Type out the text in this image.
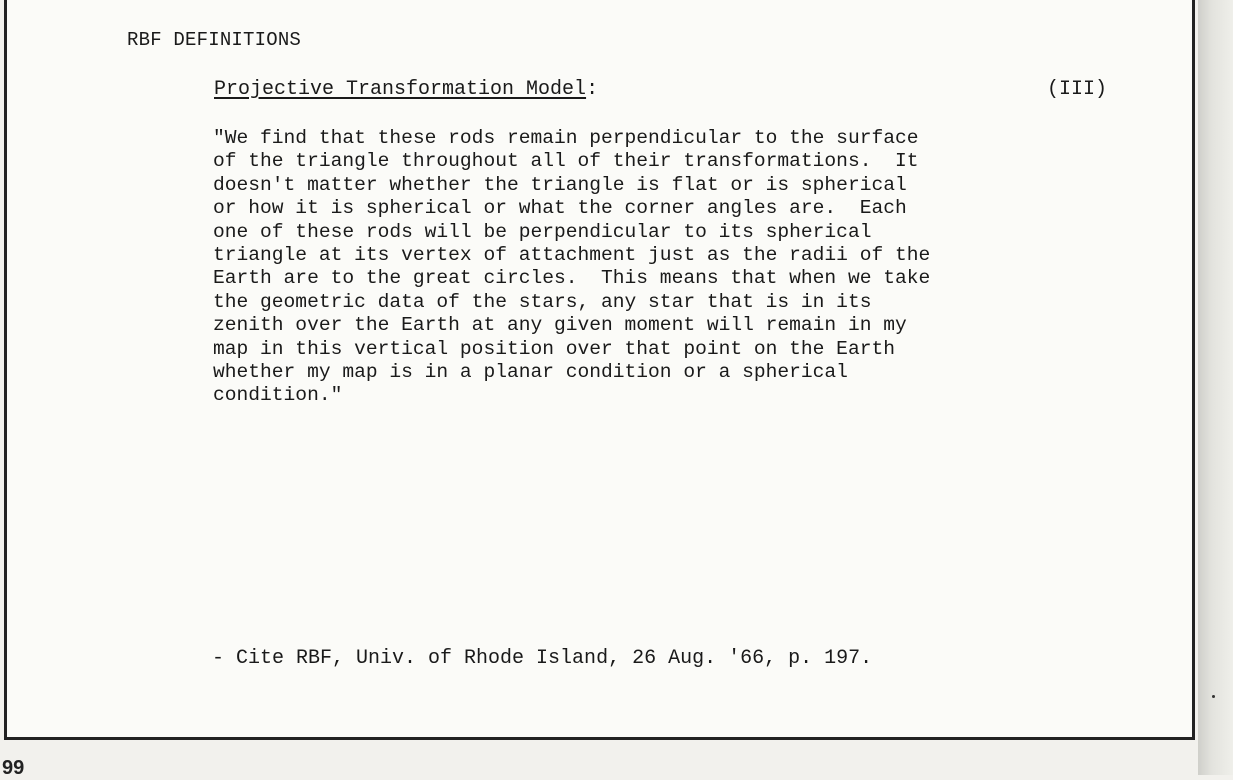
RBF DEFINITIONS
Projective Transformation Model:	(III)
"We find that these rods remain perpendicular to the surface
of the triangle throughout all of their transformations.  It
doesn't matter whether the triangle is flat or is spherical
or how it is spherical or what the corner angles are.  Each
one of these rods will be perpendicular to its spherical
triangle at its vertex of attachment just as the radii of the
Earth are to the great circles.  This means that when we take
the geometric data of the stars, any star that is in its
zenith over the Earth at any given moment will remain in my
map in this vertical position over that point on the Earth
whether my map is in a planar condition or a spherical
condition."
- Cite RBF, Univ. of Rhode Island, 26 Aug. '66, p. 197.
99
